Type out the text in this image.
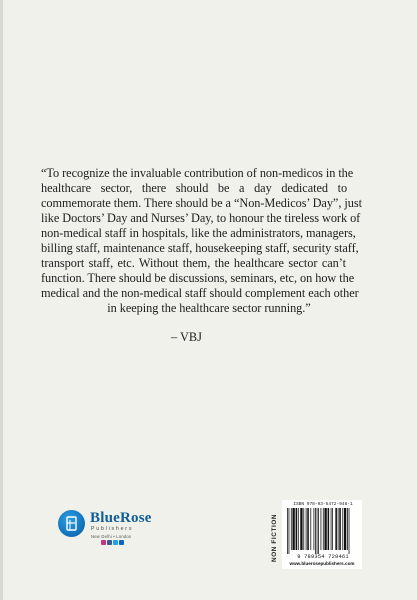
“To recognize the invaluable contribution of non-medicos in the
healthcare sector, there should be a day dedicated to
commemorate them. There should be a “Non-Medicos’ Day”, just
like Doctors’ Day and Nurses’ Day, to honour the tireless work of
non-medical staff in hospitals, like the administrators, managers,
billing staff, maintenance staff, housekeeping staff, security staff,
transport staff, etc. Without them, the healthcare sector can’t
function. There should be discussions, seminars, etc, on how the
medical and the non-medical staff should complement each other
in keeping the healthcare sector running.”
– VBJ
BlueRose
Publishers
New Delhi • London	NON FICTION
ISBN 978-93-5472-946-1
9 789354 729461
www.bluerosepublishers.com
